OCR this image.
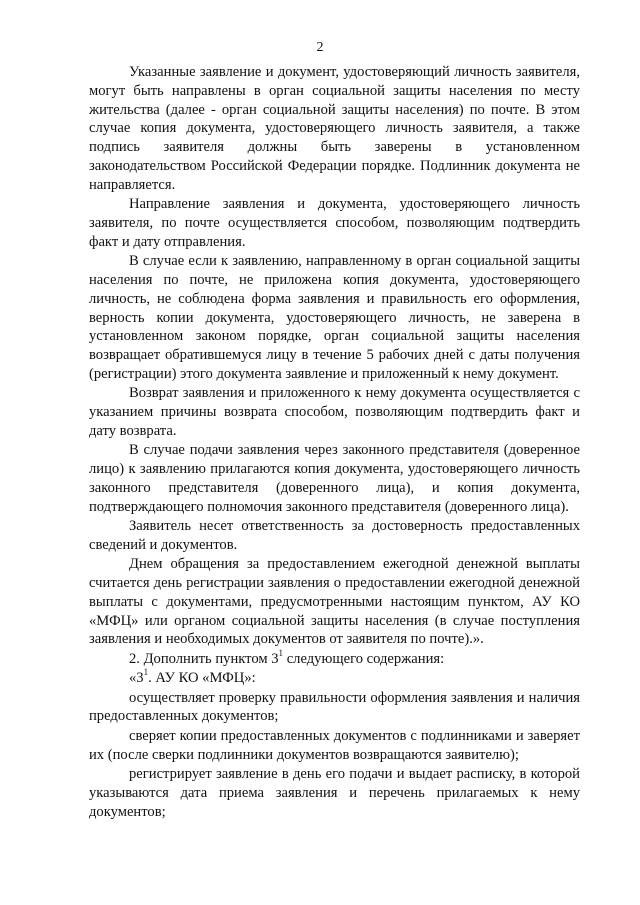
2

Указанные заявление и документ, удостоверяющий личность заявителя, могут быть направлены в орган социальной защиты населения по месту жительства (далее - орган социальной защиты населения) по почте. В этом случае копия документа, удостоверяющего личность заявителя, а также подпись заявителя должны быть заверены в установленном законодательством Российской Федерации порядке. Подлинник документа не направляется.

Направление заявления и документа, удостоверяющего личность заявителя, по почте осуществляется способом, позволяющим подтвердить факт и дату отправления.

В случае если к заявлению, направленному в орган социальной защиты населения по почте, не приложена копия документа, удостоверяющего личность, не соблюдена форма заявления и правильность его оформления, верность копии документа, удостоверяющего личность, не заверена в установленном законом порядке, орган социальной защиты населения возвращает обратившемуся лицу в течение 5 рабочих дней с даты получения (регистрации) этого документа заявление и приложенный к нему документ.

Возврат заявления и приложенного к нему документа осуществляется с указанием причины возврата способом, позволяющим подтвердить факт и дату возврата.

В случае подачи заявления через законного представителя (доверенное лицо) к заявлению прилагаются копия документа, удостоверяющего личность законного представителя (доверенного лица), и копия документа, подтверждающего полномочия законного представителя (доверенного лица).

Заявитель несет ответственность за достоверность предоставленных сведений и документов.

Днем обращения за предоставлением ежегодной денежной выплаты считается день регистрации заявления о предоставлении ежегодной денежной выплаты с документами, предусмотренными настоящим пунктом, АУ КО «МФЦ» или органом социальной защиты населения (в случае поступления заявления и необходимых документов от заявителя по почте).».

2. Дополнить пунктом $3^1$ следующего содержания:

«$3^1$. АУ КО «МФЦ»:

осуществляет проверку правильности оформления заявления и наличия предоставленных документов;

сверяет копии предоставленных документов с подлинниками и заверяет их (после сверки подлинники документов возвращаются заявителю);

регистрирует заявление в день его подачи и выдает расписку, в которой указываются дата приема заявления и перечень прилагаемых к нему документов;
